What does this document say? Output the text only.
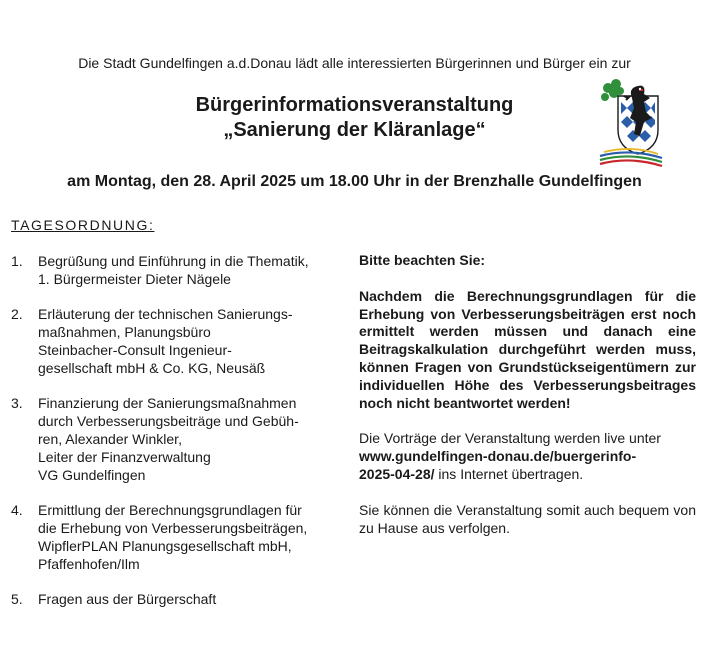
Die Stadt Gundelfingen a.d.Donau lädt alle interessierten Bürgerinnen und Bürger ein zur
Bürgerinformationsveranstaltung
„Sanierung der Kläranlage“
am Montag, den 28. April 2025 um 18.00 Uhr in der Brenzhalle Gundelfingen
TAGESORDNUNG:
1. Begrüßung und Einführung in die Thematik,
1. Bürgermeister Dieter Nägele
2. Erläuterung der technischen Sanierungs-
maßnahmen, Planungsbüro
Steinbacher-Consult Ingenieur-
gesellschaft mbH & Co. KG, Neusäß
3. Finanzierung der Sanierungsmaßnahmen
durch Verbesserungsbeiträge und Gebüh-
ren, Alexander Winkler,
Leiter der Finanzverwaltung
VG Gundelfingen
4. Ermittlung der Berechnungsgrundlagen für
die Erhebung von Verbesserungsbeiträgen,
WipflerPLAN Planungsgesellschaft mbH,
Pfaffenhofen/Ilm
5. Fragen aus der Bürgerschaft
Bitte beachten Sie:
Nachdem die Berechnungsgrundlagen für die Erhebung von Verbesserungsbeiträgen erst noch ermittelt werden müssen und danach eine Beitragskalkulation durchgeführt werden muss, können Fragen von Grundstückseigentümern zur individuellen Höhe des Verbesserungsbeitrages noch nicht beantwortet werden!
Die Vorträge der Veranstaltung werden live unter
www.gundelfingen-donau.de/buergerinfo-
2025-04-28/ ins Internet übertragen.
Sie können die Veranstaltung somit auch bequem von zu Hause aus verfolgen.
